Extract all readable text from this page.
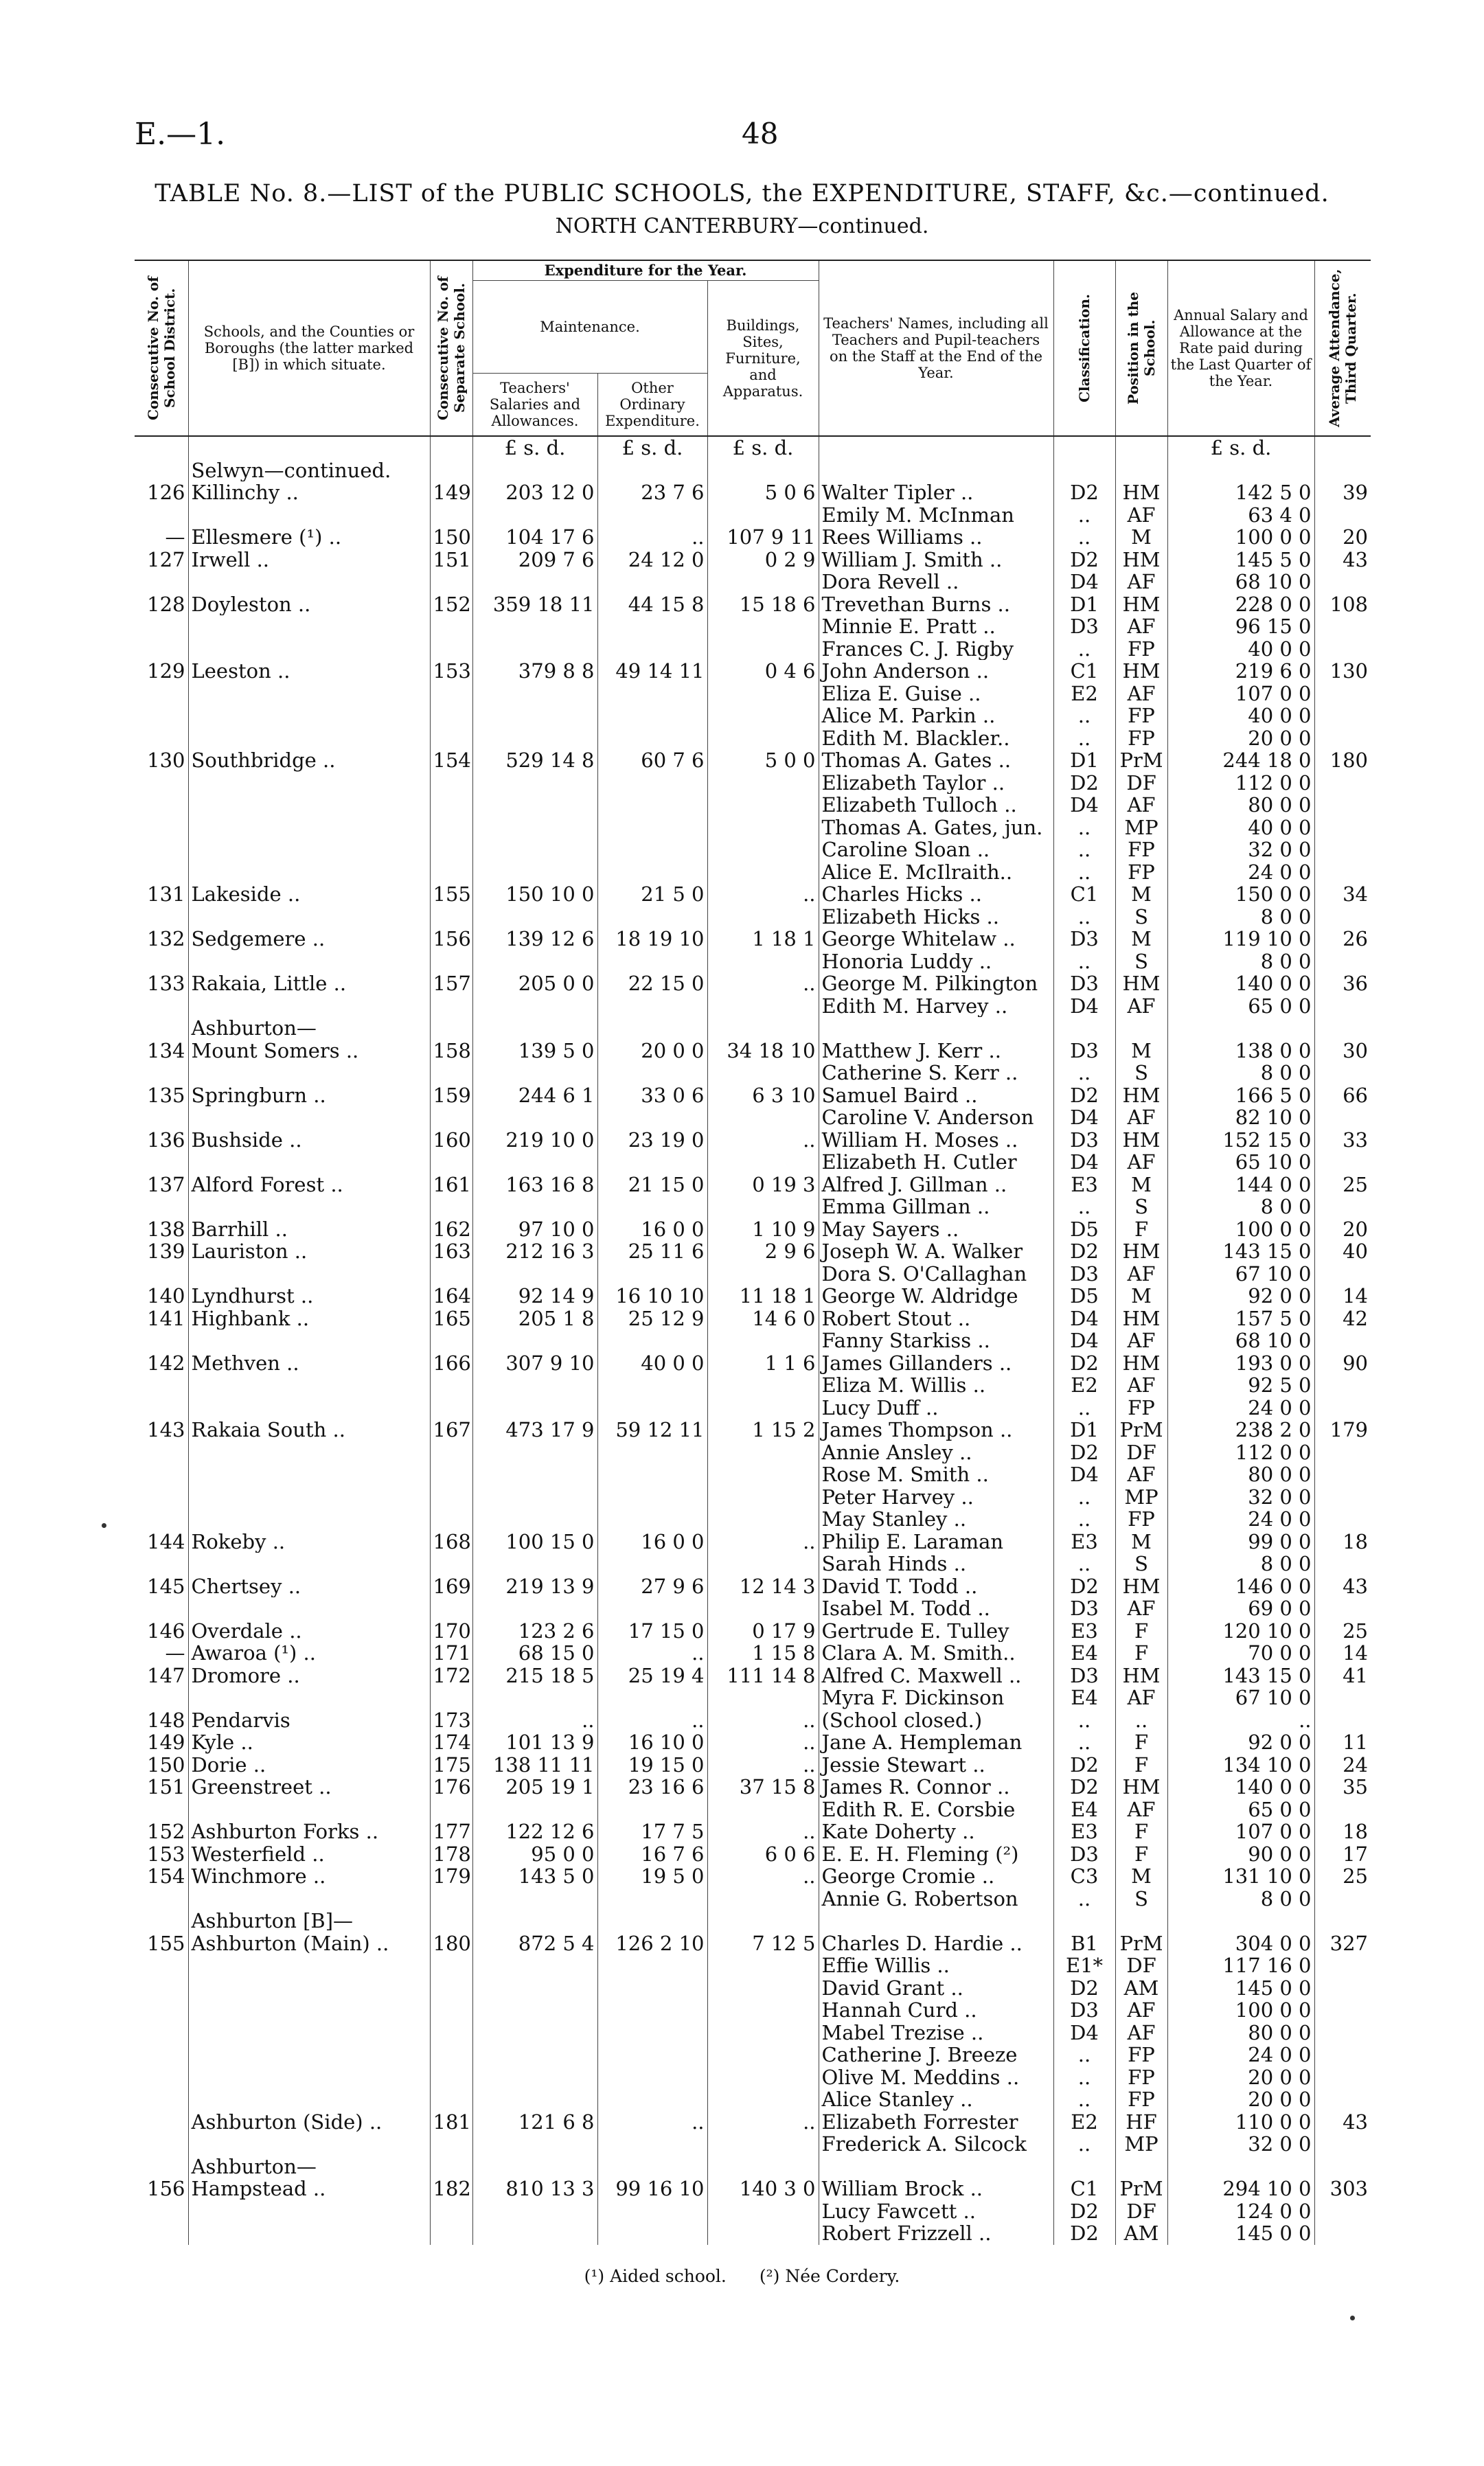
E.—1.	48
TABLE No. 8.—LIST of the PUBLIC SCHOOLS, the EXPENDITURE, STAFF, &c.—continued.
NORTH CANTERBURY—continued.
Consecutive No. of School District.	Schools, and the Counties or Boroughs (the latter marked [B]) in which situate.	Consecutive No. of Separate School.	Expenditure for the Year.			Teachers' Names, including all Teachers and Pupil-teachers on the Staff at the End of the Year.	Classification.	Position in the School.	Annual Salary and Allowance at the Rate paid during the Last Quarter of the Year.	Average Attendance, Third Quarter.

			Maintenance.		Buildings, Sites, Furniture, and Apparatus.					
			Teachers' Salaries and Allowances.	Other Ordinary Expenditure.						
			£ s. d.	£ s. d.	£ s. d.				£ s. d.	
	Selwyn—continued.									
126	Killinchy ..	149	203 12 0	23 7 6	5 0 6	Walter Tipler ..	D2	HM	142 5 0	39
						Emily M. McInman	..	AF	63 4 0	
—	Ellesmere (¹) ..	150	104 17 6	..	107 9 11	Rees Williams ..	..	M	100 0 0	20
127	Irwell ..	151	209 7 6	24 12 0	0 2 9	William J. Smith ..	D2	HM	145 5 0	43
						Dora Revell ..	D4	AF	68 10 0	
128	Doyleston ..	152	359 18 11	44 15 8	15 18 6	Trevethan Burns ..	D1	HM	228 0 0	108
						Minnie E. Pratt ..	D3	AF	96 15 0	
						Frances C. J. Rigby	..	FP	40 0 0	
129	Leeston ..	153	379 8 8	49 14 11	0 4 6	John Anderson ..	C1	HM	219 6 0	130
						Eliza E. Guise ..	E2	AF	107 0 0	
						Alice M. Parkin ..	..	FP	40 0 0	
						Edith M. Blackler..	..	FP	20 0 0	
130	Southbridge ..	154	529 14 8	60 7 6	5 0 0	Thomas A. Gates ..	D1	PrM	244 18 0	180
						Elizabeth Taylor ..	D2	DF	112 0 0	
						Elizabeth Tulloch ..	D4	AF	80 0 0	
						Thomas A. Gates, jun.	..	MP	40 0 0	
						Caroline Sloan ..	..	FP	32 0 0	
						Alice E. McIlraith..	..	FP	24 0 0	
131	Lakeside ..	155	150 10 0	21 5 0	..	Charles Hicks ..	C1	M	150 0 0	34
						Elizabeth Hicks ..	..	S	8 0 0	
132	Sedgemere ..	156	139 12 6	18 19 10	1 18 1	George Whitelaw ..	D3	M	119 10 0	26
						Honoria Luddy ..	..	S	8 0 0	
133	Rakaia, Little ..	157	205 0 0	22 15 0	..	George M. Pilkington	D3	HM	140 0 0	36
						Edith M. Harvey ..	D4	AF	65 0 0	
	Ashburton—									
134	Mount Somers ..	158	139 5 0	20 0 0	34 18 10	Matthew J. Kerr ..	D3	M	138 0 0	30
						Catherine S. Kerr ..	..	S	8 0 0	
135	Springburn ..	159	244 6 1	33 0 6	6 3 10	Samuel Baird ..	D2	HM	166 5 0	66
						Caroline V. Anderson	D4	AF	82 10 0	
136	Bushside ..	160	219 10 0	23 19 0	..	William H. Moses ..	D3	HM	152 15 0	33
						Elizabeth H. Cutler	D4	AF	65 10 0	
137	Alford Forest ..	161	163 16 8	21 15 0	0 19 3	Alfred J. Gillman ..	E3	M	144 0 0	25
						Emma Gillman ..	..	S	8 0 0	
138	Barrhill ..	162	97 10 0	16 0 0	1 10 9	May Sayers ..	D5	F	100 0 0	20
139	Lauriston ..	163	212 16 3	25 11 6	2 9 6	Joseph W. A. Walker	D2	HM	143 15 0	40
						Dora S. O'Callaghan	D3	AF	67 10 0	
140	Lyndhurst ..	164	92 14 9	16 10 10	11 18 1	George W. Aldridge	D5	M	92 0 0	14
141	Highbank ..	165	205 1 8	25 12 9	14 6 0	Robert Stout ..	D4	HM	157 5 0	42
						Fanny Starkiss ..	D4	AF	68 10 0	
142	Methven ..	166	307 9 10	40 0 0	1 1 6	James Gillanders ..	D2	HM	193 0 0	90
						Eliza M. Willis ..	E2	AF	92 5 0	
						Lucy Duff ..	..	FP	24 0 0	
143	Rakaia South ..	167	473 17 9	59 12 11	1 15 2	James Thompson ..	D1	PrM	238 2 0	179
						Annie Ansley ..	D2	DF	112 0 0	
						Rose M. Smith ..	D4	AF	80 0 0	
						Peter Harvey ..	..	MP	32 0 0	
						May Stanley ..	..	FP	24 0 0	
144	Rokeby ..	168	100 15 0	16 0 0	..	Philip E. Laraman	E3	M	99 0 0	18
						Sarah Hinds ..	..	S	8 0 0	
145	Chertsey ..	169	219 13 9	27 9 6	12 14 3	David T. Todd ..	D2	HM	146 0 0	43
						Isabel M. Todd ..	D3	AF	69 0 0	
146	Overdale ..	170	123 2 6	17 15 0	0 17 9	Gertrude E. Tulley	E3	F	120 10 0	25
—	Awaroa (¹) ..	171	68 15 0	..	1 15 8	Clara A. M. Smith..	E4	F	70 0 0	14
147	Dromore ..	172	215 18 5	25 19 4	111 14 8	Alfred C. Maxwell ..	D3	HM	143 15 0	41
						Myra F. Dickinson	E4	AF	67 10 0	
148	Pendarvis	173	..	..	..	(School closed.)	..	..	..	
149	Kyle ..	174	101 13 9	16 10 0	..	Jane A. Hempleman	..	F	92 0 0	11
150	Dorie ..	175	138 11 11	19 15 0	..	Jessie Stewart ..	D2	F	134 10 0	24
151	Greenstreet ..	176	205 19 1	23 16 6	37 15 8	James R. Connor ..	D2	HM	140 0 0	35
						Edith R. E. Corsbie	E4	AF	65 0 0	
152	Ashburton Forks ..	177	122 12 6	17 7 5	..	Kate Doherty ..	E3	F	107 0 0	18
153	Westerfield ..	178	95 0 0	16 7 6	6 0 6	E. E. H. Fleming (²)	D3	F	90 0 0	17
154	Winchmore ..	179	143 5 0	19 5 0	..	George Cromie ..	C3	M	131 10 0	25
						Annie G. Robertson	..	S	8 0 0	
	Ashburton [B]—									
155	Ashburton (Main) ..	180	872 5 4	126 2 10	7 12 5	Charles D. Hardie ..	B1	PrM	304 0 0	327
						Effie Willis ..	E1*	DF	117 16 0	
						David Grant ..	D2	AM	145 0 0	
						Hannah Curd ..	D3	AF	100 0 0	
						Mabel Trezise ..	D4	AF	80 0 0	
						Catherine J. Breeze	..	FP	24 0 0	
						Olive M. Meddins ..	..	FP	20 0 0	
						Alice Stanley ..	..	FP	20 0 0	
	Ashburton (Side) ..	181	121 6 8	..	..	Elizabeth Forrester	E2	HF	110 0 0	43
						Frederick A. Silcock	..	MP	32 0 0	
	Ashburton—									
156	Hampstead ..	182	810 13 3	99 16 10	140 3 0	William Brock ..	C1	PrM	294 10 0	303
						Lucy Fawcett ..	D2	DF	124 0 0	
						Robert Frizzell ..	D2	AM	145 0 0	
(¹) Aided school. (²) Née Cordery.
